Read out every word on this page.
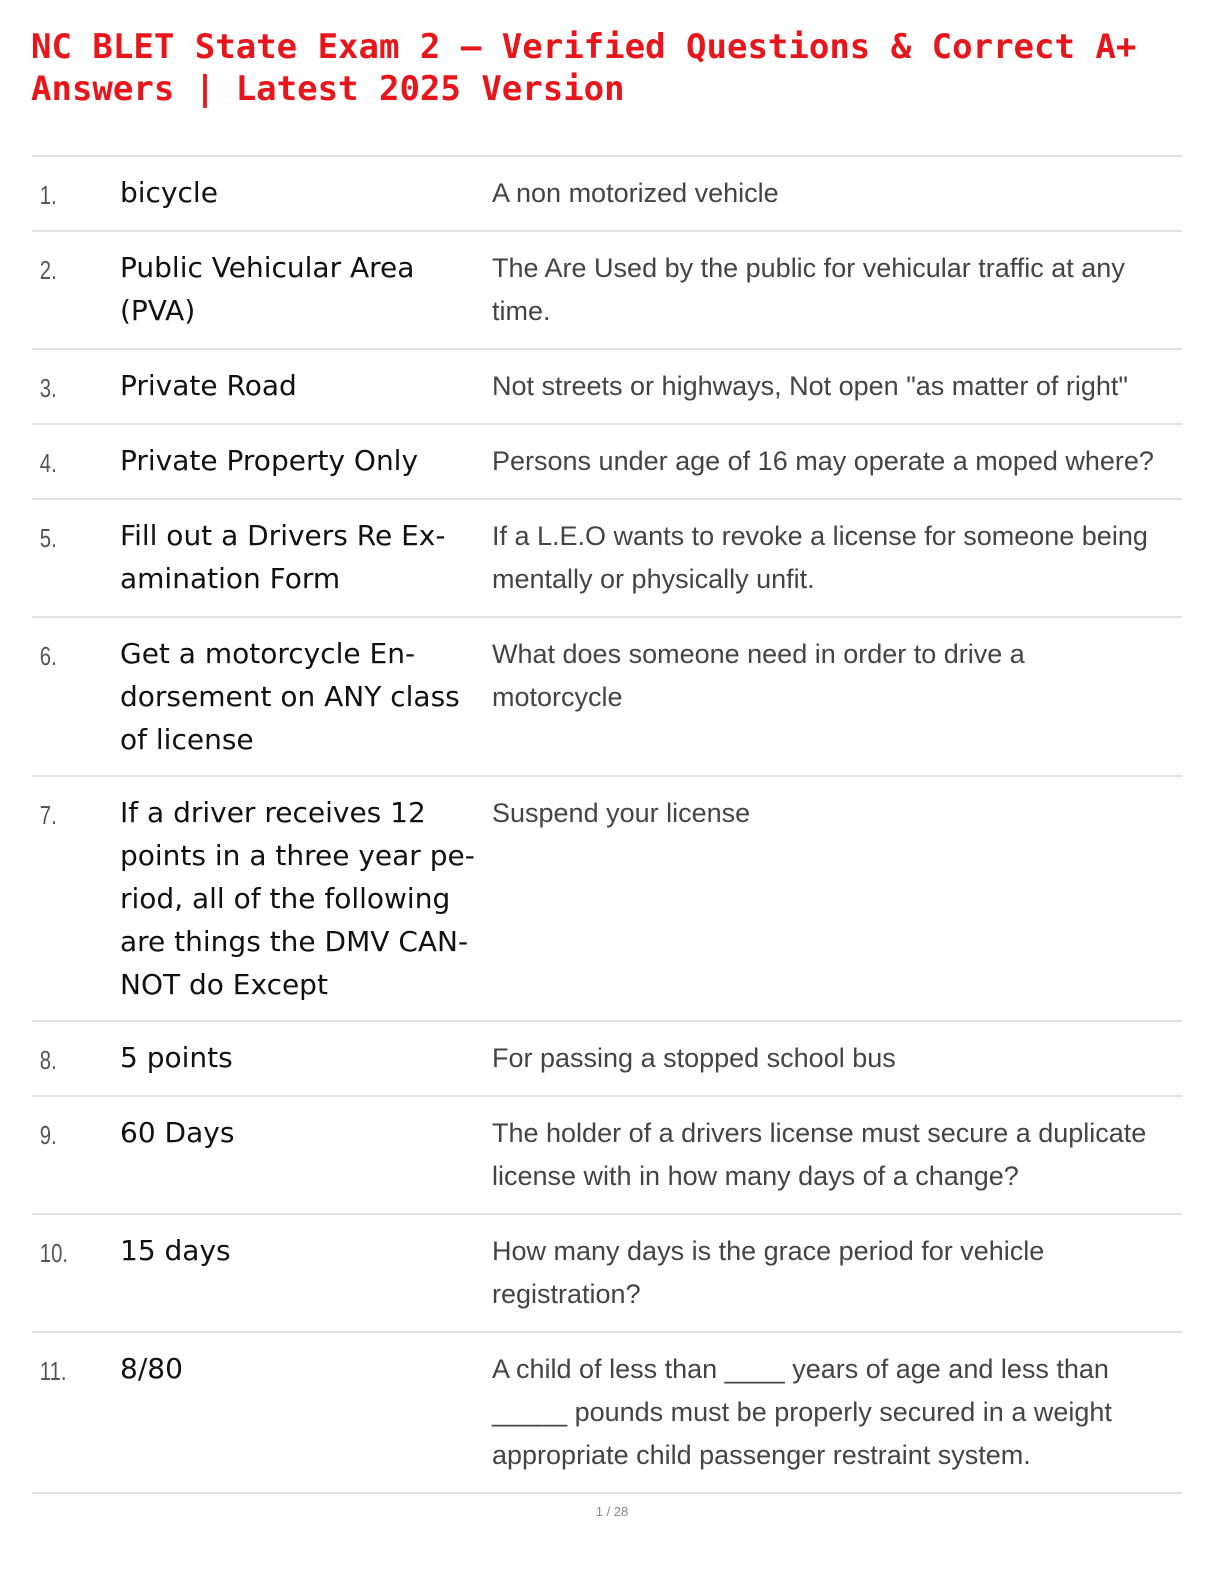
NC BLET State Exam 2 – Verified Questions & Correct A+ Answers | Latest 2025 Version
1.	bicycle	A non motorized vehicle
2.	Public Vehicular Area (PVA)	The Are Used by the public for vehicular traffic at any time.
3.	Private Road	Not streets or highways, Not open "as matter of right"
4.	Private Property Only	Persons under age of 16 may operate a moped where?
5.	Fill out a Drivers Re Ex-amination Form	If a L.E.O wants to revoke a license for someone being mentally or physically unfit.
6.	Get a motorcycle En-dorsement on ANY class of license	What does someone need in order to drive a motorcycle
7.	If a driver receives 12 points in a three year pe-riod, all of the following are things the DMV CAN-NOT do Except	Suspend your license
8.	5 points	For passing a stopped school bus
9.	60 Days	The holder of a drivers license must secure a duplicate license with in how many days of a change?
10.	15 days	How many days is the grace period for vehicle registration?
11.	8/80	A child of less than ____ years of age and less than _____ pounds must be properly secured in a weight appropriate child passenger restraint system.
1 / 28
